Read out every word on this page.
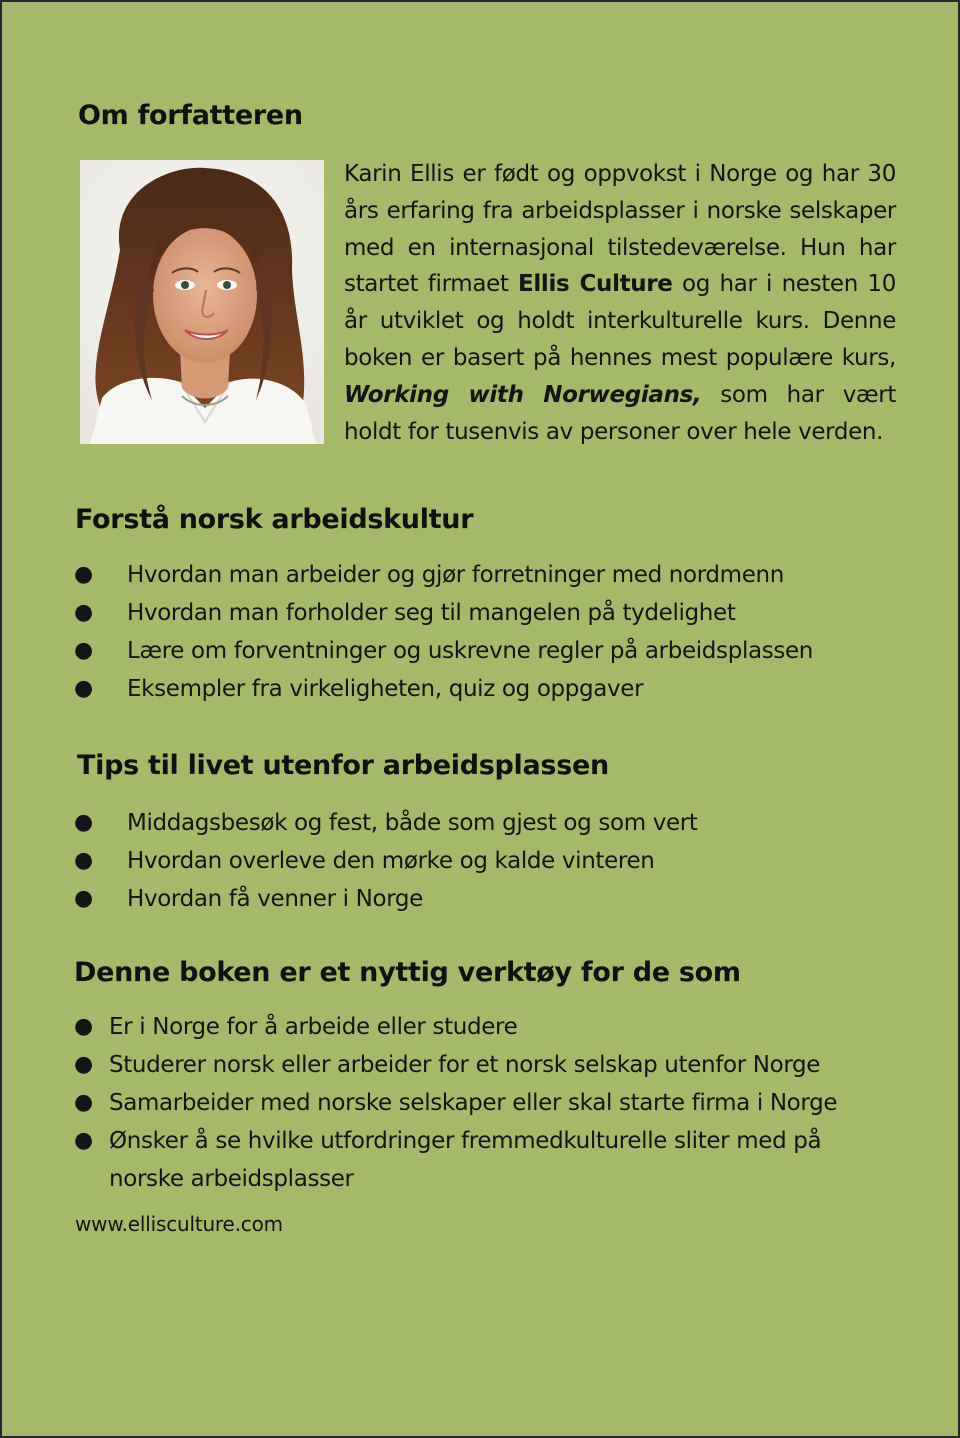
Om forfatteren

Karin Ellis er født og oppvokst i Norge og har 30 års erfaring fra arbeidsplasser i norske selskaper med en internasjonal tilstedeværelse. Hun har startet firmaet Ellis Culture og har i nesten 10 år utviklet og holdt interkulturelle kurs. Denne boken er basert på hennes mest populære kurs, Working with Norwegians, som har vært holdt for tusenvis av personer over hele verden.

Forstå norsk arbeidskultur
● Hvordan man arbeider og gjør forretninger med nordmenn
● Hvordan man forholder seg til mangelen på tydelighet
● Lære om forventninger og uskrevne regler på arbeidsplassen
● Eksempler fra virkeligheten, quiz og oppgaver
Tips til livet utenfor arbeidsplassen
● Middagsbesøk og fest, både som gjest og som vert
● Hvordan overleve den mørke og kalde vinteren
● Hvordan få venner i Norge
Denne boken er et nyttig verktøy for de som
● Er i Norge for å arbeide eller studere
● Studerer norsk eller arbeider for et norsk selskap utenfor Norge
● Samarbeider med norske selskaper eller skal starte firma i Norge
● Ønsker å se hvilke utfordringer fremmedkulturelle sliter med på norske arbeidsplasser
www.ellisculture.com
